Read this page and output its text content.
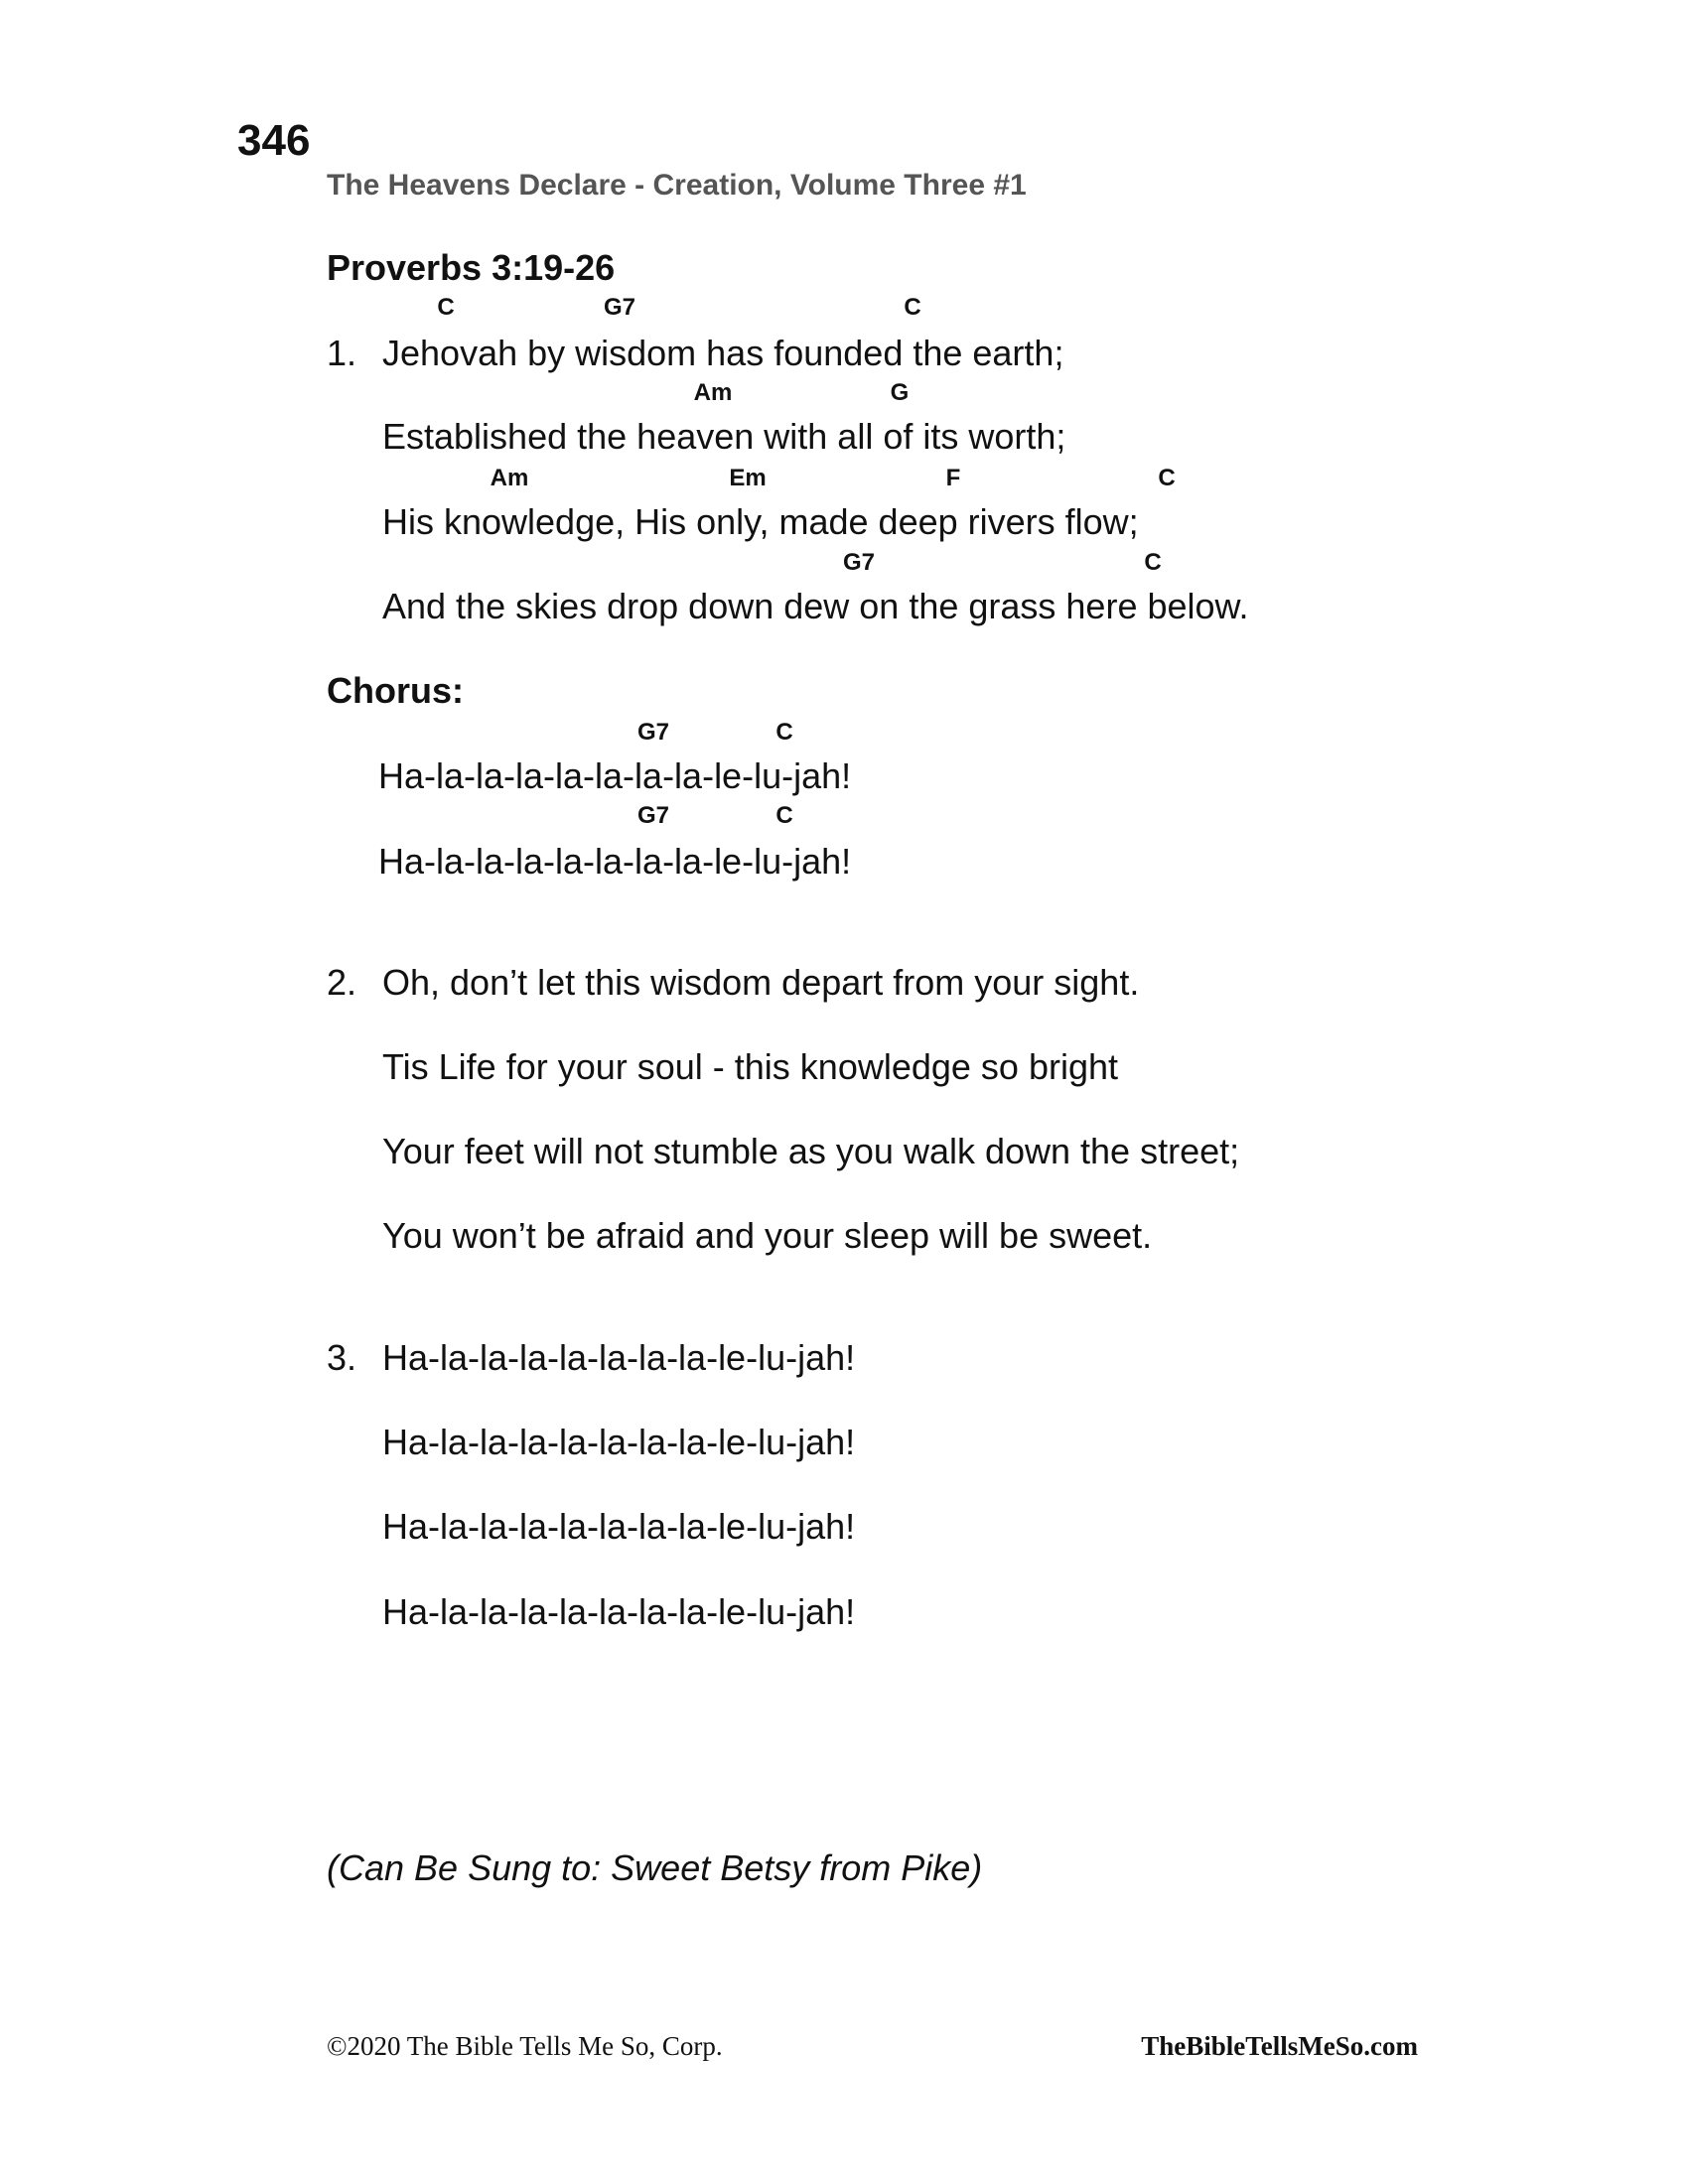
346
The Heavens Declare - Creation, Volume Three #1
Proverbs 3:19-26
C	G7	C
Am	G
Am	Em	F	C
G7	C
1. Jehovah by wisdom has founded the earth;
Established the heaven with all of its worth;
His knowledge, His only, made deep rivers flow;
And the skies drop down dew on the grass here below.
Chorus:
G7	C
Ha-la-la-la-la-la-la-la-le-lu-jah!
G7	C
Ha-la-la-la-la-la-la-la-le-lu-jah!
2. Oh, don’t let this wisdom depart from your sight.
Tis Life for your soul - this knowledge so bright
Your feet will not stumble as you walk down the street;
You won’t be afraid and your sleep will be sweet.
3. Ha-la-la-la-la-la-la-la-le-lu-jah!
Ha-la-la-la-la-la-la-la-le-lu-jah!
Ha-la-la-la-la-la-la-la-le-lu-jah!
Ha-la-la-la-la-la-la-la-le-lu-jah!
(Can Be Sung to: Sweet Betsy from Pike)
©2020 The Bible Tells Me So, Corp.	TheBibleTellsMeSo.com
